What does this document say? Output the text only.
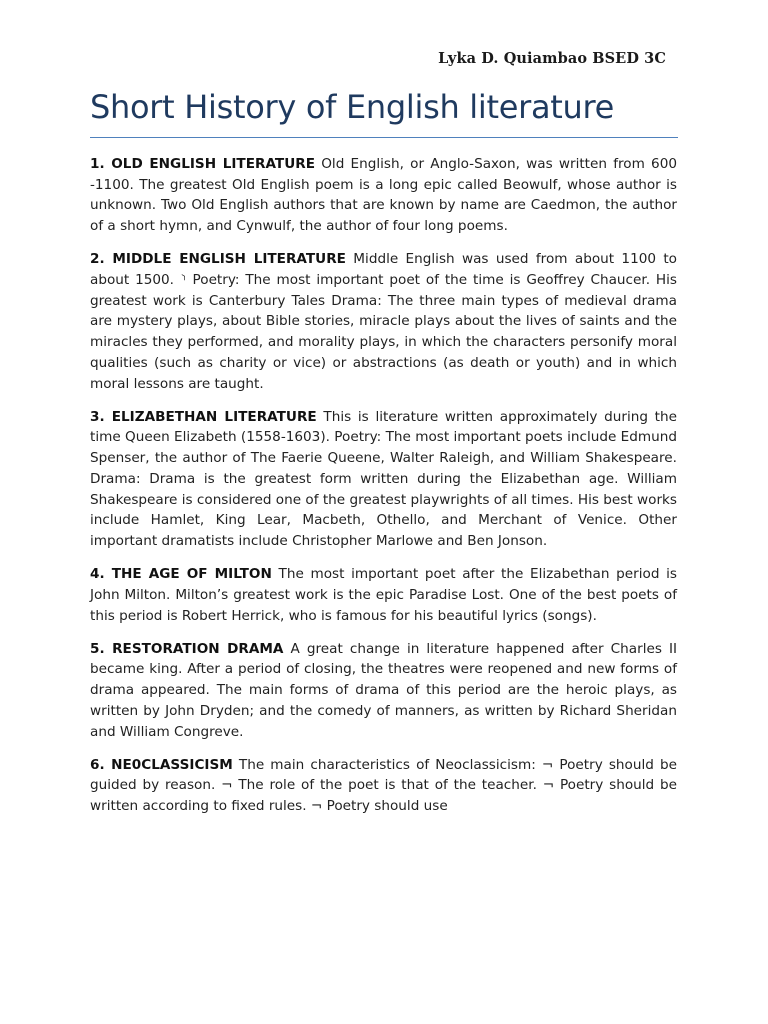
Lyka D. Quiambao BSED 3C
Short History of English literature

1. OLD ENGLISH LITERATURE Old English, or Anglo-Saxon, was written from 600 -1100. The greatest Old English poem is a long epic called Beowulf, whose author is unknown. Two Old English authors that are known by name are Caedmon, the author of a short hymn, and Cynwulf, the author of four long poems.

2. MIDDLE ENGLISH LITERATURE Middle English was used from about 1100 to about 1500. ⸃ Poetry: The most important poet of the time is Geoffrey Chaucer. His greatest work is Canterbury Tales Drama: The three main types of medieval drama are mystery plays, about Bible stories, miracle plays about the lives of saints and the miracles they performed, and morality plays, in which the characters personify moral qualities (such as charity or vice) or abstractions (as death or youth) and in which moral lessons are taught.

3. ELIZABETHAN LITERATURE This is literature written approximately during the time Queen Elizabeth (1558-1603). Poetry: The most important poets include Edmund Spenser, the author of The Faerie Queene, Walter Raleigh, and William Shakespeare. Drama: Drama is the greatest form written during the Elizabethan age. William Shakespeare is considered one of the greatest playwrights of all times. His best works include Hamlet, King Lear, Macbeth, Othello, and Merchant of Venice. Other important dramatists include Christopher Marlowe and Ben Jonson.

4. THE AGE OF MILTON The most important poet after the Elizabethan period is John Milton. Milton’s greatest work is the epic Paradise Lost. One of the best poets of this period is Robert Herrick, who is famous for his beautiful lyrics (songs).

5. RESTORATION DRAMA A great change in literature happened after Charles II became king. After a period of closing, the theatres were reopened and new forms of drama appeared. The main forms of drama of this period are the heroic plays, as written by John Dryden; and the comedy of manners, as written by Richard Sheridan and William Congreve.

6. NE0CLASSICISM The main characteristics of Neoclassicism: ¬ Poetry should be guided by reason. ¬ The role of the poet is that of the teacher. ¬ Poetry should be written according to fixed rules. ¬ Poetry should use
